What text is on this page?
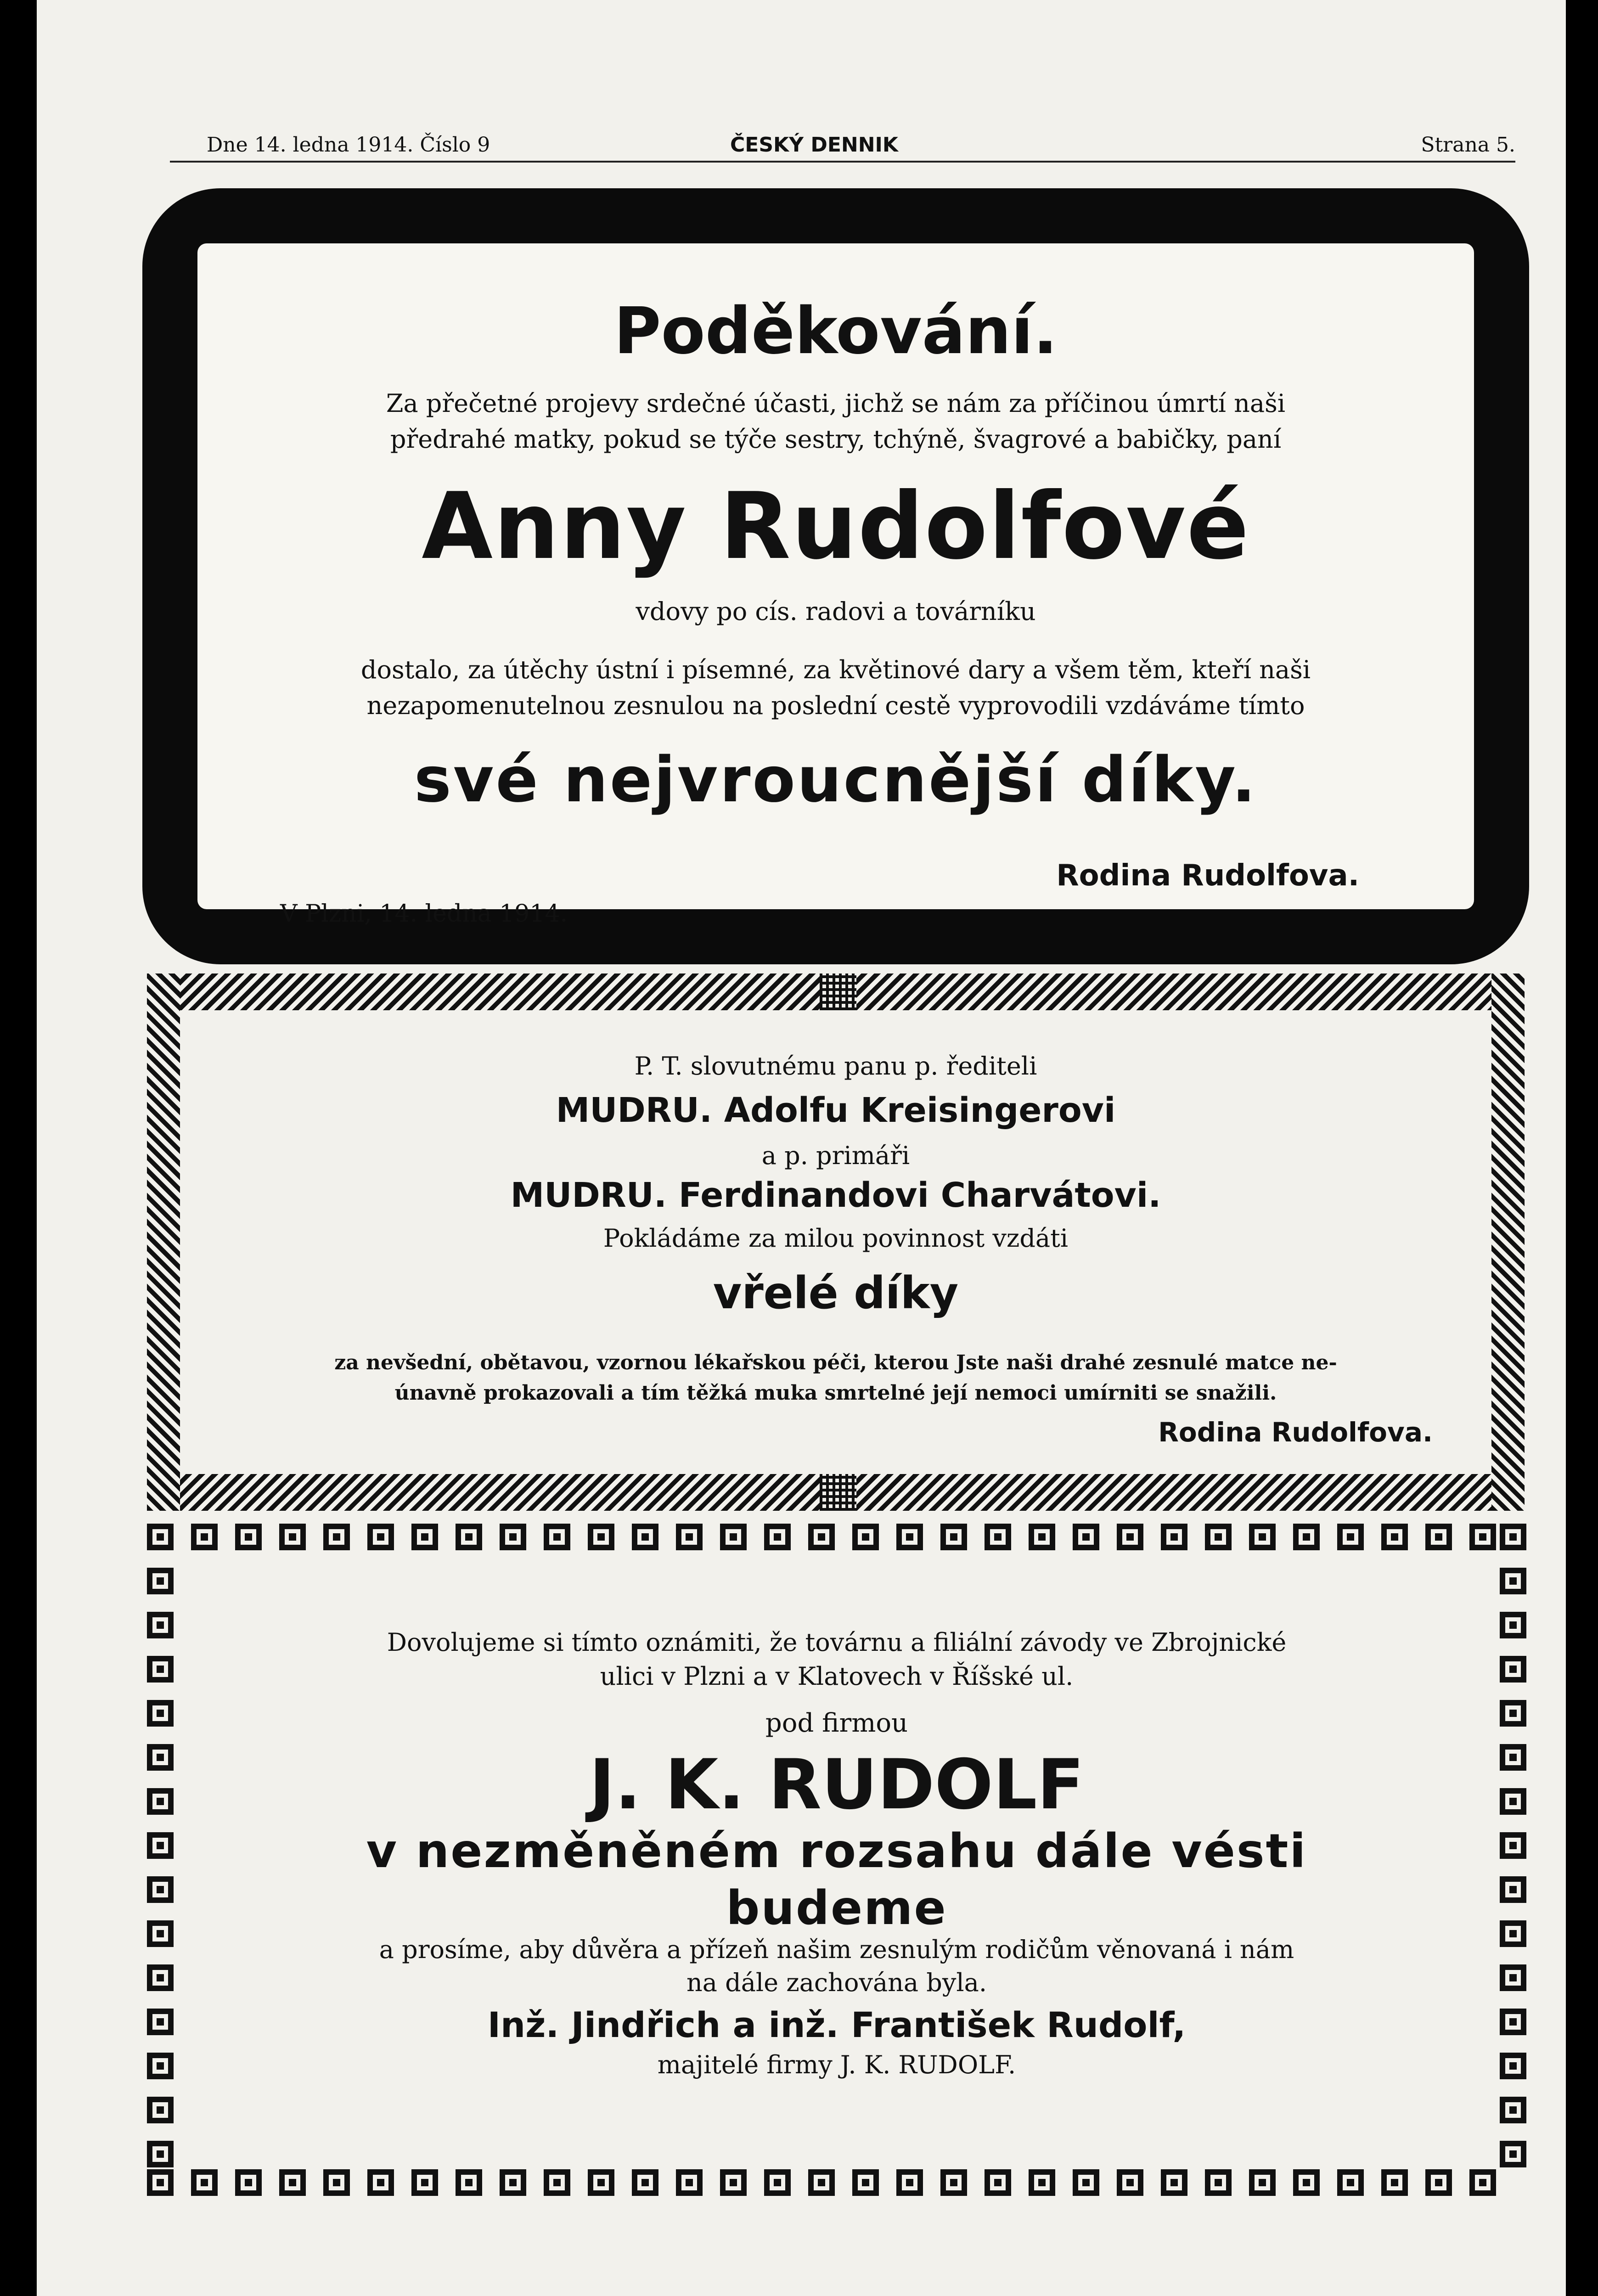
Dne 14. ledna 1914. Číslo 9	ČESKÝ DENNIK	Strana 5.
Poděkování.
Za přečetné projevy srdečné účasti, jichž se nám za příčinou úmrtí naši
předrahé matky, pokud se týče sestry, tchýně, švagrové a babičky, paní
Anny Rudolfové
vdovy po cís. radovi a továrníku
dostalo, za útěchy ústní i písemné, za květinové dary a všem těm, kteří naši
nezapomenutelnou zesnulou na poslední cestě vyprovodili vzdáváme tímto
své nejvroucnější díky.
Rodina Rudolfova.
V Plzni, 14. ledna 1914.
P. T. slovutnému panu p. řediteli
MUDRU. Adolfu Kreisingerovi
a p. primáři
MUDRU. Ferdinandovi Charvátovi.
Pokládáme za milou povinnost vzdáti
vřelé díky
za nevšední, obětavou, vzornou lékařskou péči, kterou Jste naši drahé zesnulé matce ne-
únavně prokazovali a tím těžká muka smrtelné její nemoci umírniti se snažili.
Rodina Rudolfova.
Dovolujeme si tímto oznámiti, že továrnu a filiální závody ve Zbrojnické
ulici v Plzni a v Klatovech v Říšské ul.
pod firmou
J. K. RUDOLF
v nezměněném rozsahu dále vésti
budeme
a prosíme, aby důvěra a přízeň našim zesnulým rodičům věnovaná i nám
na dále zachována byla.
Inž. Jindřich a inž. František Rudolf,
majitelé firmy J. K. RUDOLF.
